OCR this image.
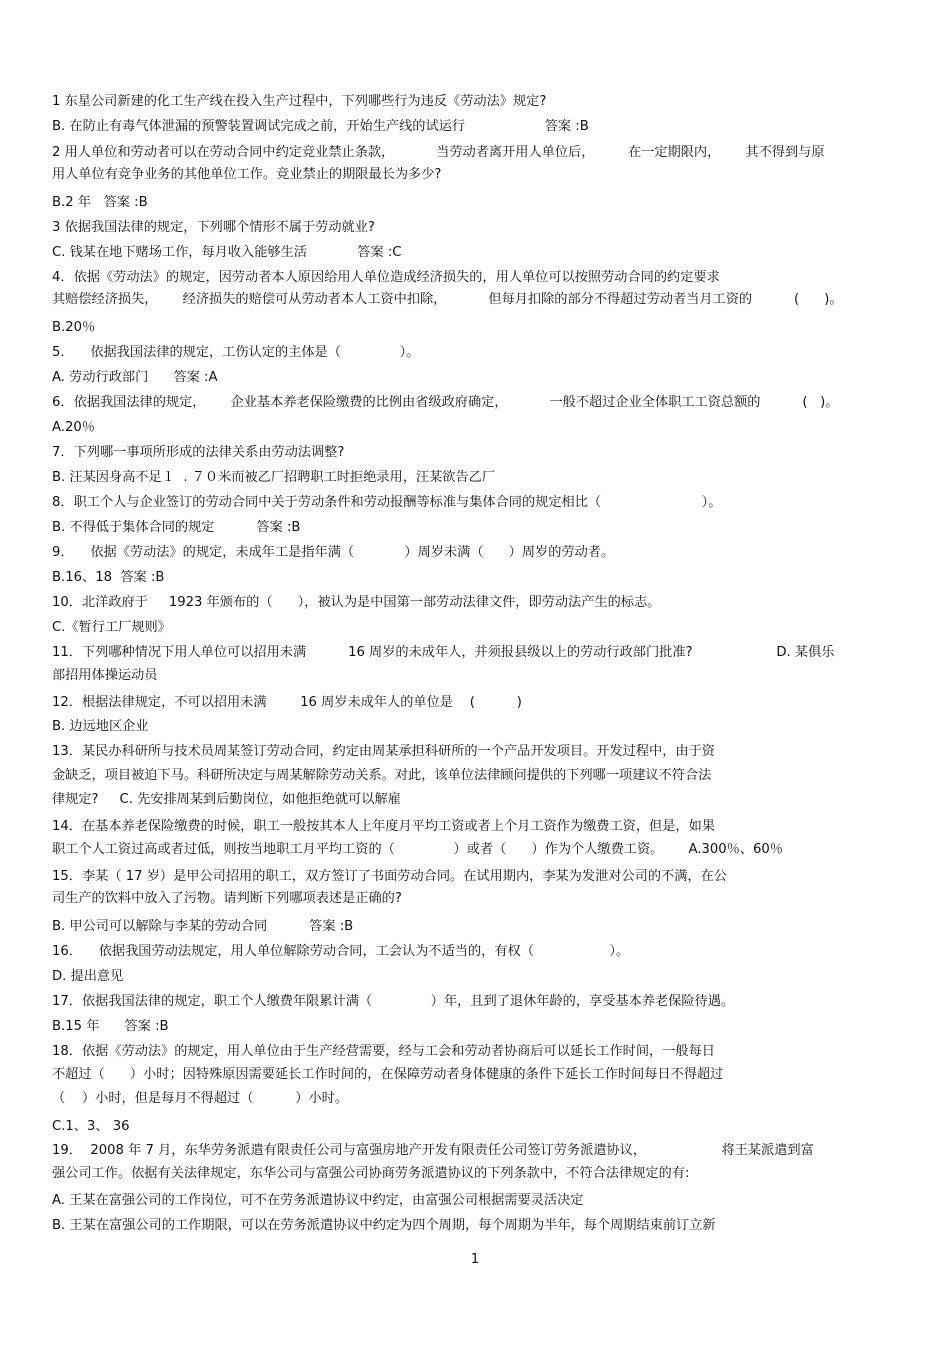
1 东星公司新建的化工生产线在投入生产过程中，下列哪些行为违反《劳动法》规定?
B. 在防止有毒气体泄漏的预警装置调试完成之前，开始生产线的试运行                   答案 :B
2 用人单位和劳动者可以在劳动合同中约定竞业禁止条款，          当劳动者离开用人单位后，        在一定期限内，      其不得到与原
用人单位有竞争业务的其他单位工作。竞业禁止的期限最长为多少?
B.2 年   答案 :B
3 依据我国法律的规定，下列哪个情形不属于劳动就业?
C. 钱某在地下赌场工作，每月收入能够生活            答案 :C
4．依据《劳动法》的规定，因劳动者本人原因给用人单位造成经济损失的，用人单位可以按照劳动合同的约定要求
其赔偿经济损失，      经济损失的赔偿可从劳动者本人工资中扣除，          但每月扣除的部分不得超过劳动者当月工资的          (      )。
B.20％
5．    依据我国法律的规定，工伤认定的主体是（              ）。
A. 劳动行政部门      答案 :A
6．依据我国法律的规定，      企业基本养老保险缴费的比例由省级政府确定，          一般不超过企业全体职工工资总额的          (   )。
A.20％
7．下列哪一事项所形成的法律关系由劳动法调整?
B. 汪某因身高不足１  . ７０米而被乙厂招聘职工时拒绝录用，汪某欲告乙厂
8．职工个人与企业签订的劳动合同中关于劳动条件和劳动报酬等标准与集体合同的规定相比（                        ）。
B. 不得低于集体合同的规定          答案 :B
9．    依据《劳动法》的规定，未成年工是指年满（            ）周岁未满（      ）周岁的劳动者。
B.16、18  答案 :B
10．北洋政府于     1923 年颁布的（      ），被认为是中国第一部劳动法律文件，即劳动法产生的标志。
C.《暂行工厂规则》
11．下列哪种情况下用人单位可以招用未满          16 周岁的未成年人，并须报县级以上的劳动行政部门批准?                    D. 某俱乐
部招用体操运动员
12．根据法律规定，不可以招用未满        16 周岁未成年人的单位是    (          )
B. 边远地区企业
13．某民办科研所与技术员周某签订劳动合同，约定由周某承担科研所的一个产品开发项目。开发过程中，由于资
金缺乏，项目被迫下马。科研所决定与周某解除劳动关系。对此，该单位法律顾问提供的下列哪一项建议不符合法
律规定?     C. 先安排周某到后勤岗位，如他拒绝就可以解雇
14．在基本养老保险缴费的时候，职工一般按其本人上年度月平均工资或者上个月工资作为缴费工资，但是，如果
职工个人工资过高或者过低，则按当地职工月平均工资的（              ）或者（      ）作为个人缴费工资。      A.300％、60％
15．李某（ 17 岁）是甲公司招用的职工，双方签订了书面劳动合同。在试用期内，李某为发泄对公司的不满，在公
司生产的饮料中放入了污物。请判断下列哪项表述是正确的?
B. 甲公司可以解除与李某的劳动合同          答案 :B
16．    依据我国劳动法规定，用人单位解除劳动合同，工会认为不适当的，有权（                  ）。
D. 提出意见
17．依据我国法律的规定，职工个人缴费年限累计满（              ）年，且到了退休年龄的，享受基本养老保险待遇。
B.15 年      答案 :B
18．依据《劳动法》的规定，用人单位由于生产经营需要，经与工会和劳动者协商后可以延长工作时间，一般每日
不超过（      ）小时；因特殊原因需要延长工作时间的，在保障劳动者身体健康的条件下延长工作时间每日不得超过
（    ）小时，但是每月不得超过（          ）小时。
C.1、3、 36
19．  2008 年 7 月，东华劳务派遣有限责任公司与富强房地产开发有限责任公司签订劳务派遣协议，                  将王某派遣到富
强公司工作。依据有关法律规定，东华公司与富强公司协商劳务派遣协议的下列条款中，不符合法律规定的有:
A. 王某在富强公司的工作岗位，可不在劳务派遣协议中约定，由富强公司根据需要灵活决定
B. 王某在富强公司的工作期限，可以在劳务派遣协议中约定为四个周期，每个周期为半年，每个周期结束前订立新
1
